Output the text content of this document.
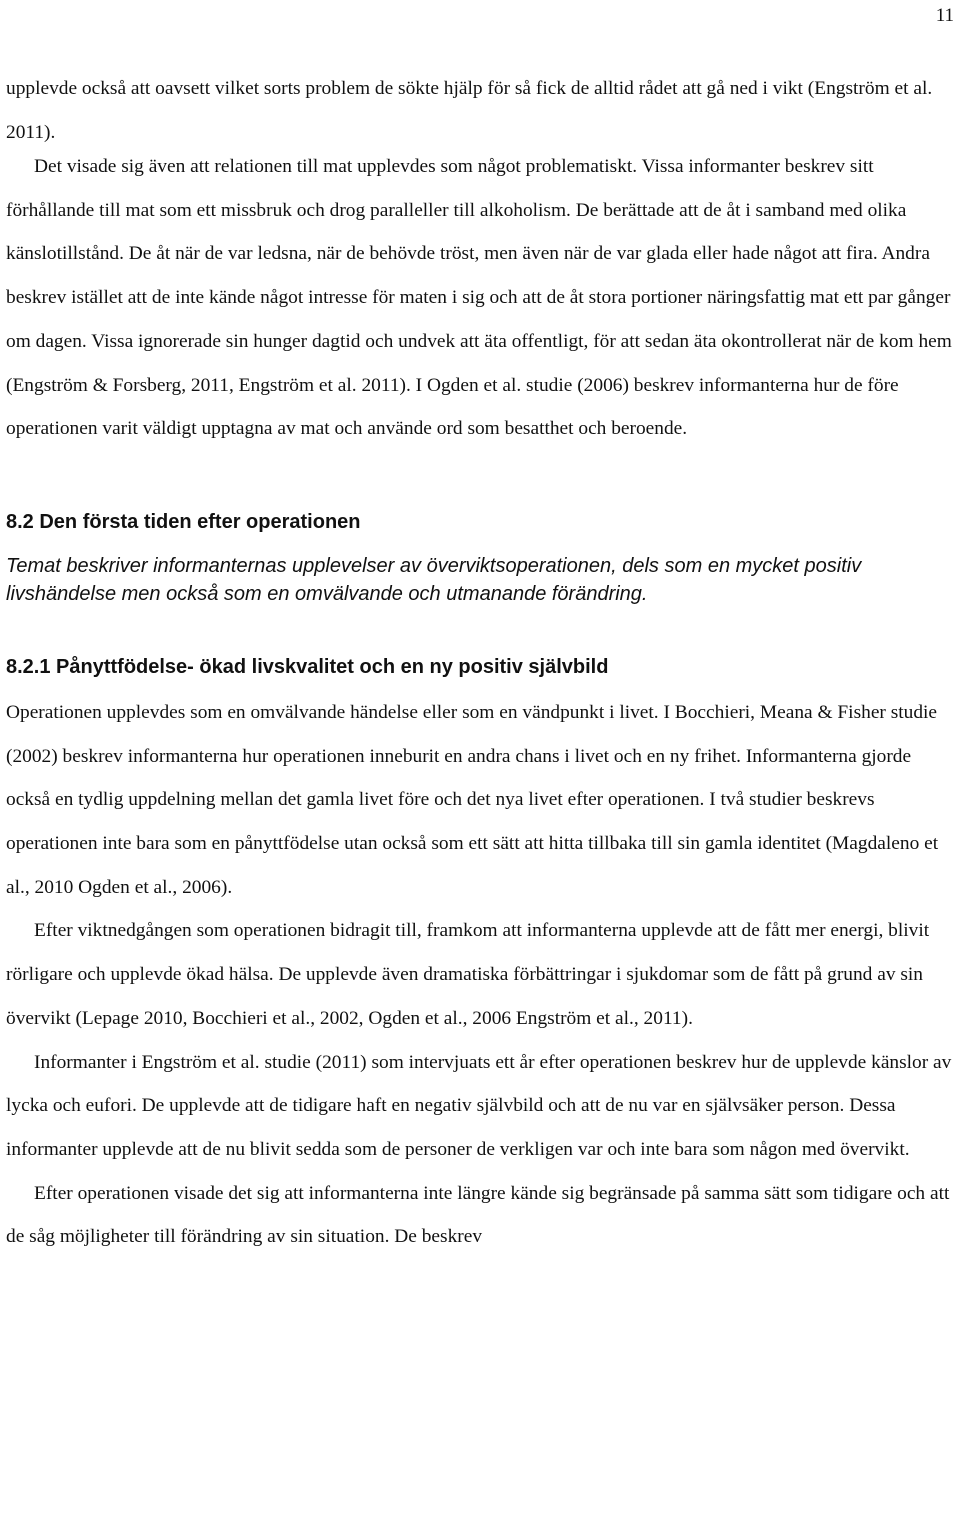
11

upplevde också att oavsett vilket sorts problem de sökte hjälp för så fick de alltid rådet att gå ned i vikt (Engström et al. 2011).

Det visade sig även att relationen till mat upplevdes som något problematiskt. Vissa informanter beskrev sitt förhållande till mat som ett missbruk och drog paralleller till alkoholism. De berättade att de åt i samband med olika känslotillstånd. De åt när de var ledsna, när de behövde tröst, men även när de var glada eller hade något att fira. Andra beskrev istället att de inte kände något intresse för maten i sig och att de åt stora portioner näringsfattig mat ett par gånger om dagen. Vissa ignorerade sin hunger dagtid och undvek att äta offentligt, för att sedan äta okontrollerat när de kom hem (Engström & Forsberg, 2011, Engström et al. 2011). I Ogden et al. studie (2006) beskrev informanterna hur de före operationen varit väldigt upptagna av mat och använde ord som besatthet och beroende.

8.2 Den första tiden efter operationen

Temat beskriver informanternas upplevelser av överviktsoperationen, dels som en mycket positiv livshändelse men också som en omvälvande och utmanande förändring.

8.2.1 Pånyttfödelse- ökad livskvalitet och en ny positiv självbild

Operationen upplevdes som en omvälvande händelse eller som en vändpunkt i livet. I Bocchieri, Meana & Fisher studie (2002) beskrev informanterna hur operationen inneburit en andra chans i livet och en ny frihet. Informanterna gjorde också en tydlig uppdelning mellan det gamla livet före och det nya livet efter operationen. I två studier beskrevs operationen inte bara som en pånyttfödelse utan också som ett sätt att hitta tillbaka till sin gamla identitet (Magdaleno et al., 2010 Ogden et al., 2006).

Efter viktnedgången som operationen bidragit till, framkom att informanterna upplevde att de fått mer energi, blivit rörligare och upplevde ökad hälsa. De upplevde även dramatiska förbättringar i sjukdomar som de fått på grund av sin övervikt (Lepage 2010, Bocchieri et al., 2002, Ogden et al., 2006 Engström et al., 2011).

Informanter i Engström et al. studie (2011) som intervjuats ett år efter operationen beskrev hur de upplevde känslor av lycka och eufori. De upplevde att de tidigare haft en negativ självbild och att de nu var en självsäker person. Dessa informanter upplevde att de nu blivit sedda som de personer de verkligen var och inte bara som någon med övervikt.

Efter operationen visade det sig att informanterna inte längre kände sig begränsade på samma sätt som tidigare och att de såg möjligheter till förändring av sin situation. De beskrev
